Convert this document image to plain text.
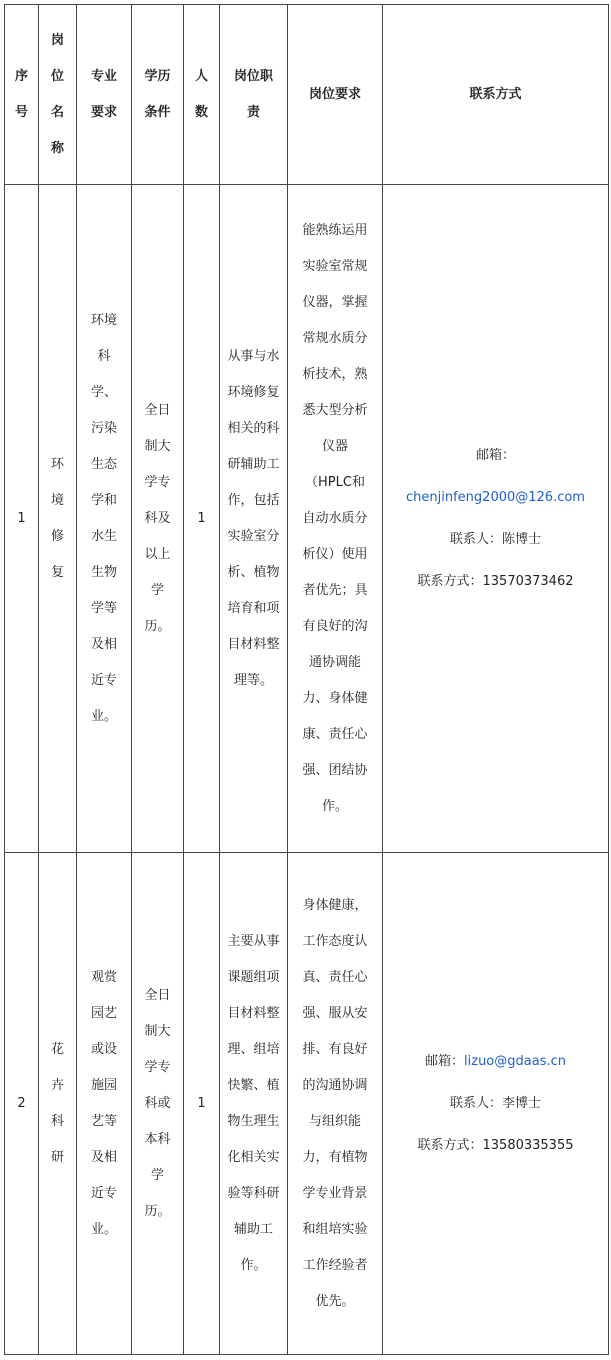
序号	岗位名称	专业要求	学历条件	人数	岗位职责	岗位要求	联系方式
1	环境修复	环境科学、污染生态学和水生生物学等及相近专业。	全日制大学专科及以上学历。	1	从事与水环境修复相关的科研辅助工作，包括实验室分析、植物培育和项目材料整理等。	能熟练运用实验室常规仪器，掌握常规水质分析技术，熟悉大型分析仪器（HPLC和自动水质分析仪）使用者优先；具有良好的沟通协调能力、身体健康、责任心强、团结协作。	邮箱：
chenjinfeng2000@126.com
联系人：陈博士
联系方式：13570373462

2	花卉科研	观赏园艺或设施园艺等及相近专业。	全日制大学专科或本科学历。	1	主要从事课题组项目材料整理、组培快繁、植物生理生化相关实验等科研辅助工作。	身体健康，工作态度认真、责任心强、服从安排、有良好的沟通协调与组织能力，有植物学专业背景和组培实验工作经验者优先。	邮箱：lizuo@gdaas.cn
联系人：李博士
联系方式：13580335355
